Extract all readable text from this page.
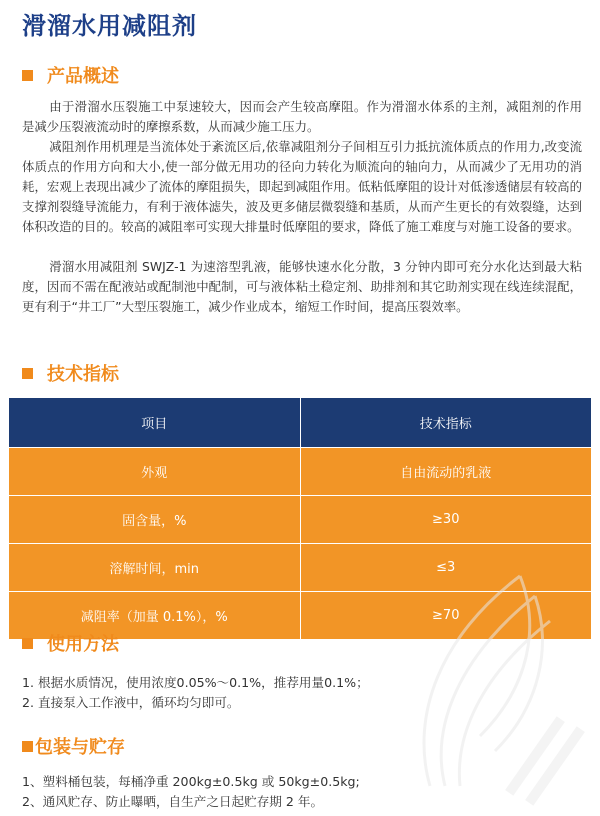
滑溜水用减阻剂
产品概述

由于滑溜水压裂施工中泵速较大，因而会产生较高摩阻。作为滑溜水体系的主剂，减阻剂的作用是减少压裂液流动时的摩擦系数，从而减少施工压力。

减阻剂作用机理是当流体处于紊流区后,依靠减阻剂分子间相互引力抵抗流体质点的作用力,改变流体质点的作用方向和大小,使一部分做无用功的径向力转化为顺流向的轴向力，从而减少了无用功的消耗，宏观上表现出减少了流体的摩阻损失，即起到减阻作用。低粘低摩阻的设计对低渗透储层有较高的支撑剂裂缝导流能力，有利于液体滤失，波及更多储层微裂缝和基质，从而产生更长的有效裂缝，达到体积改造的目的。较高的减阻率可实现大排量时低摩阻的要求，降低了施工难度与对施工设备的要求。

滑溜水用减阻剂 SWJZ-1 为速溶型乳液，能够快速水化分散，3 分钟内即可充分水化达到最大粘度，因而不需在配液站或配制池中配制，可与液体粘土稳定剂、助排剂和其它助剂实现在线连续混配，更有利于“井工厂”大型压裂施工，减少作业成本，缩短工作时间，提高压裂效率。

技术指标
项目	技术指标
外观	自由流动的乳液
固含量，%	≥30
溶解时间，min	≤3
减阻率（加量 0.1%），%	≥70
使用方法
1. 根据水质情况，使用浓度0.05%～0.1%，推荐用量0.1%；
2. 直接泵入工作液中，循环均匀即可。
包装与贮存
1、塑料桶包装，每桶净重 200kg±0.5kg 或 50kg±0.5kg;
2、通风贮存、防止曝晒，自生产之日起贮存期 2 年。
